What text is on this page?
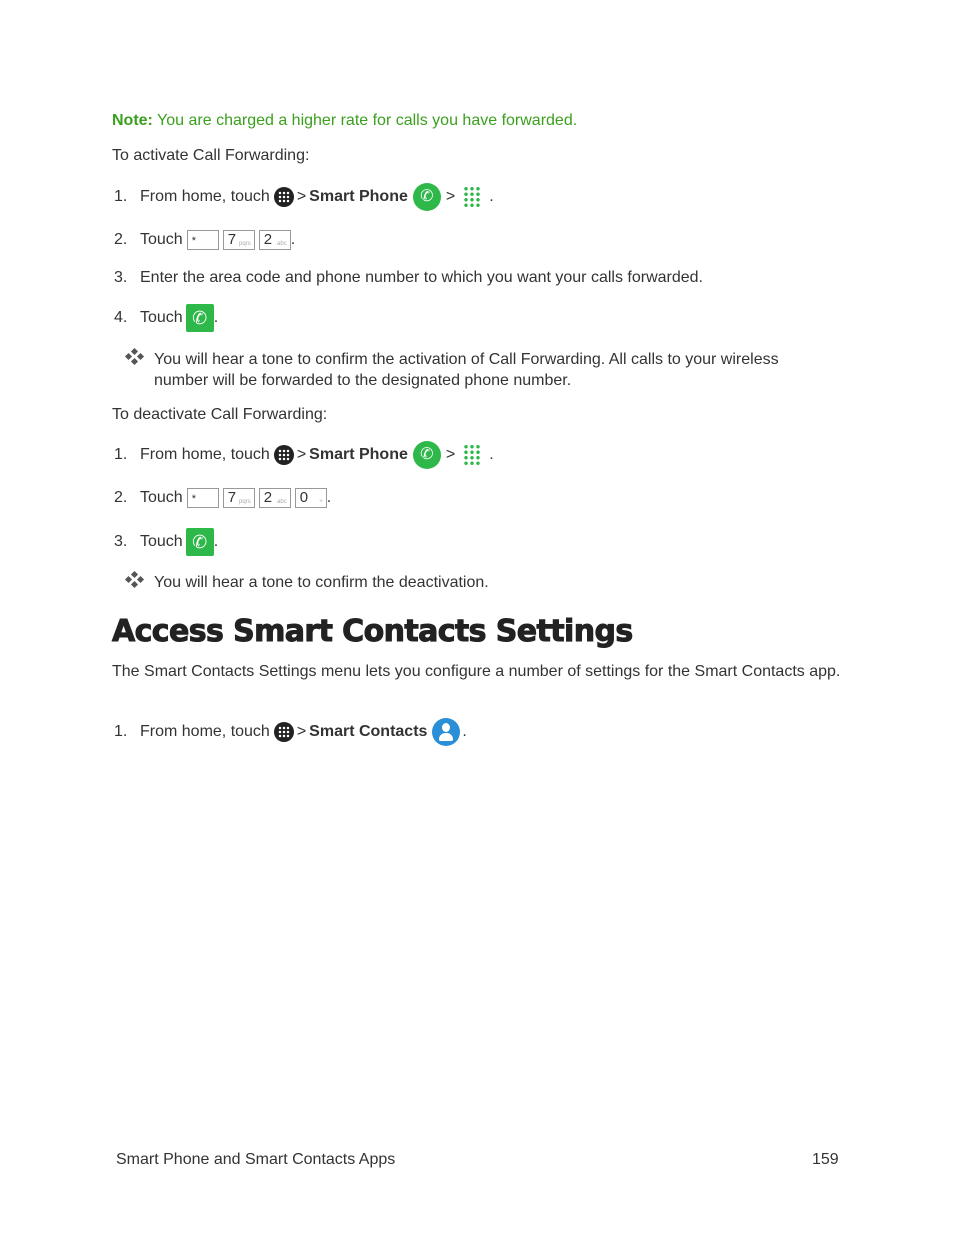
Note: You are charged a higher rate for calls you have forwarded.
To activate Call Forwarding:
1. From home, touch > Smart Phone ✆ > .
2. Touch *	7 pqrs 2 abc .
3. Enter the area code and phone number to which you want your calls forwarded.
4. Touch ✆ .
You will hear a tone to confirm the activation of Call Forwarding. All calls to your wireless number will be forwarded to the designated phone number.
To deactivate Call Forwarding:
1. From home, touch > Smart Phone ✆ > .
2. Touch *	7 pqrs 2 abc 0 + .
3. Touch ✆ .
You will hear a tone to confirm the deactivation.
Access Smart Contacts Settings
The Smart Contacts Settings menu lets you configure a number of settings for the Smart Contacts app.
1. From home, touch > Smart Contacts .
Smart Phone and Smart Contacts Apps	159
